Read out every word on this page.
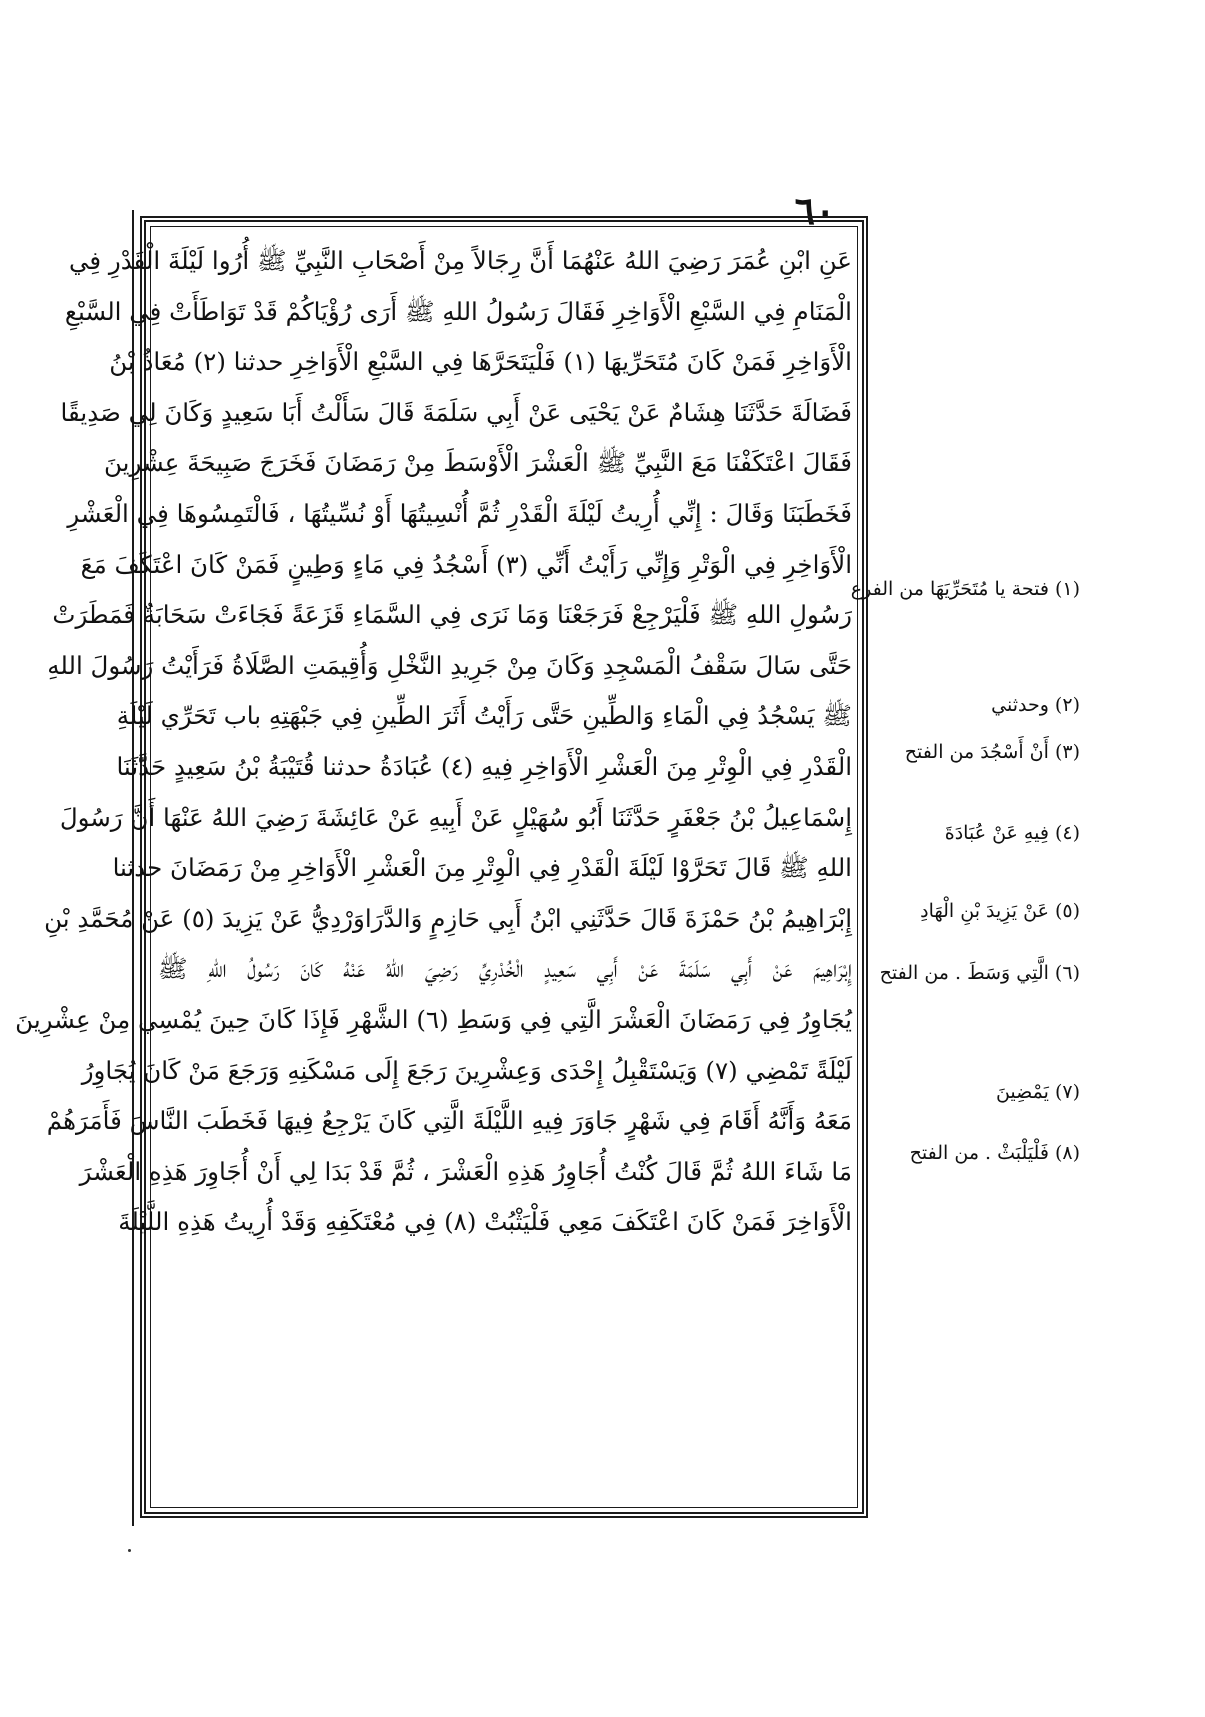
٦٠
عَنِ ابْنِ عُمَرَ رَضِيَ اللهُ عَنْهُمَا أَنَّ رِجَالاً مِنْ أَصْحَابِ النَّبِيِّ ﷺ أُرُوا لَيْلَةَ الْقَدْرِ فِي
الْمَنَامِ فِي السَّبْعِ الْأَوَاخِرِ فَقَالَ رَسُولُ اللهِ ﷺ أَرَى رُؤْيَاكُمْ قَدْ تَوَاطَأَتْ فِي السَّبْعِ
الْأَوَاخِرِ فَمَنْ كَانَ مُتَحَرِّيهَا (١) فَلْيَتَحَرَّهَا فِي السَّبْعِ الْأَوَاخِرِ حدثنا (٢) مُعَاذُ بْنُ
فَضَالَةَ حَدَّثَنَا هِشَامٌ عَنْ يَحْيَى عَنْ أَبِي سَلَمَةَ قَالَ سَأَلْتُ أَبَا سَعِيدٍ وَكَانَ لِي صَدِيقًا
فَقَالَ اعْتَكَفْنَا مَعَ النَّبِيِّ ﷺ الْعَشْرَ الْأَوْسَطَ مِنْ رَمَضَانَ فَخَرَجَ صَبِيحَةَ عِشْرِينَ
فَخَطَبَنَا وَقَالَ : إِنِّي أُرِيتُ لَيْلَةَ الْقَدْرِ ثُمَّ أُنْسِيتُهَا أَوْ نُسِّيتُهَا ، فَالْتَمِسُوهَا فِي الْعَشْرِ
الْأَوَاخِرِ فِي الْوَتْرِ وَإِنِّي رَأَيْتُ أَنِّي (٣) أَسْجُدُ فِي مَاءٍ وَطِينٍ فَمَنْ كَانَ اعْتَكَفَ مَعَ
رَسُولِ اللهِ ﷺ فَلْيَرْجِعْ فَرَجَعْنَا وَمَا نَرَى فِي السَّمَاءِ قَزَعَةً فَجَاءَتْ سَحَابَةٌ فَمَطَرَتْ
حَتَّى سَالَ سَقْفُ الْمَسْجِدِ وَكَانَ مِنْ جَرِيدِ النَّخْلِ وَأُقِيمَتِ الصَّلَاةُ فَرَأَيْتُ رَسُولَ اللهِ
ﷺ يَسْجُدُ فِي الْمَاءِ وَالطِّينِ حَتَّى رَأَيْتُ أَثَرَ الطِّينِ فِي جَبْهَتِهِ باب تَحَرِّي لَيْلَةِ
الْقَدْرِ فِي الْوِتْرِ مِنَ الْعَشْرِ الْأَوَاخِرِ فِيهِ (٤) عُبَادَةُ حدثنا قُتَيْبَةُ بْنُ سَعِيدٍ حَدَّثَنَا
إِسْمَاعِيلُ بْنُ جَعْفَرٍ حَدَّثَنَا أَبُو سُهَيْلٍ عَنْ أَبِيهِ عَنْ عَائِشَةَ رَضِيَ اللهُ عَنْهَا أَنَّ رَسُولَ
اللهِ ﷺ قَالَ تَحَرَّوْا لَيْلَةَ الْقَدْرِ فِي الْوِتْرِ مِنَ الْعَشْرِ الْأَوَاخِرِ مِنْ رَمَضَانَ حدثنا
إِبْرَاهِيمُ بْنُ حَمْزَةَ قَالَ حَدَّثَنِي ابْنُ أَبِي حَازِمٍ وَالدَّرَاوَرْدِيُّ عَنْ يَزِيدَ (٥) عَنْ مُحَمَّدِ بْنِ
إِبْرَاهِيمَ عَنْ أَبِي سَلَمَةَ عَنْ أَبِي سَعِيدٍ الْخُدْرِيِّ رَضِيَ اللهُ عَنْهُ كَانَ رَسُولُ اللهِ ﷺ
يُجَاوِرُ فِي رَمَضَانَ الْعَشْرَ الَّتِي فِي وَسَطِ (٦) الشَّهْرِ فَإِذَا كَانَ حِينَ يُمْسِي مِنْ عِشْرِينَ
لَيْلَةً تَمْضِي (٧) وَيَسْتَقْبِلُ إِحْدَى وَعِشْرِينَ رَجَعَ إِلَى مَسْكَنِهِ وَرَجَعَ مَنْ كَانَ يُجَاوِرُ
مَعَهُ وَأَنَّهُ أَقَامَ فِي شَهْرٍ جَاوَرَ فِيهِ اللَّيْلَةَ الَّتِي كَانَ يَرْجِعُ فِيهَا فَخَطَبَ النَّاسَ فَأَمَرَهُمْ
مَا شَاءَ اللهُ ثُمَّ قَالَ كُنْتُ أُجَاوِرُ هَذِهِ الْعَشْرَ ، ثُمَّ قَدْ بَدَا لِي أَنْ أُجَاوِرَ هَذِهِ الْعَشْرَ
الْأَوَاخِرَ فَمَنْ كَانَ اعْتَكَفَ مَعِي فَلْيَثْبُتْ (٨) فِي مُعْتَكَفِهِ وَقَدْ أُرِيتُ هَذِهِ اللَّيْلَةَ
(١) فتحة يا مُتَحَرِّيَهَا من الفرع
(٢) وحدثني
(٣) أَنْ أَسْجُدَ من الفتح
(٤) فِيهِ عَنْ عُبَادَةَ
(٥) عَنْ يَزِيدَ بْنِ الْهَادِ
(٦) الَّتِي وَسَطَ . من الفتح
(٧) يَمْضِينَ
(٨) فَلْيَلْبَثْ . من الفتح
